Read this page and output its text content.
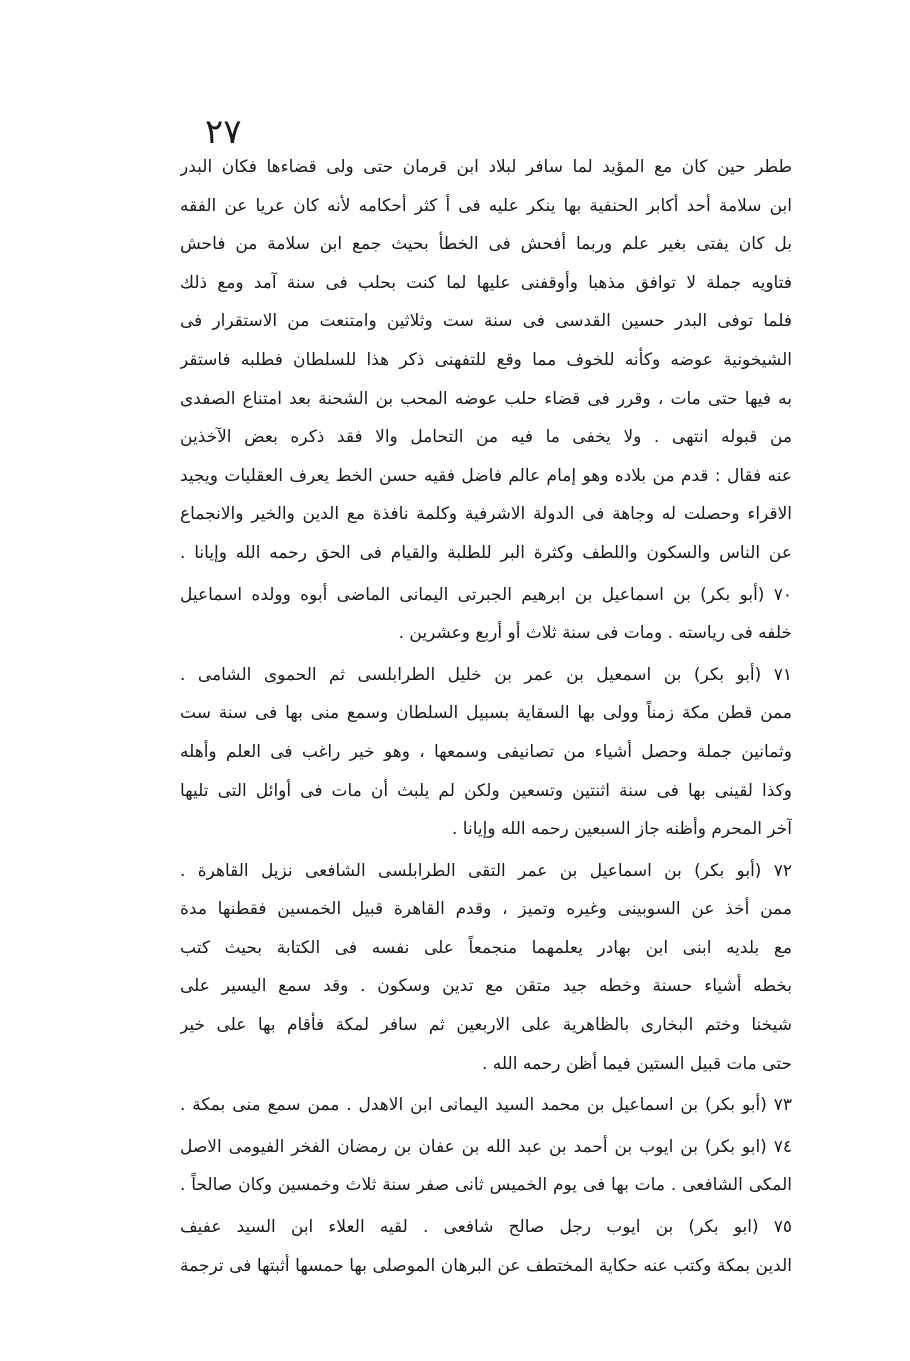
٢٧
ططر حين كان مع المؤيد لما سافر لبلاد ابن قرمان حتى ولى قضاءها فكان البدر
ابن سلامة أحد أكابر الحنفية بها ينكر عليه فى أ كثر أحكامه لأنه كان عريا عن الفقه
بل كان يفتى بغير علم وربما أفحش فى الخطأ بحيث جمع ابن سلامة من فاحش
فتاويه جملة لا توافق مذهبا وأوقفنى عليها لما كنت بحلب فى سنة آمد ومع ذلك
فلما توفى البدر حسين القدسى فى سنة ست وثلاثين وامتنعت من الاستقرار فى
الشيخونية عوضه وكأنه للخوف مما وقع للتفهنى ذكر هذا للسلطان فطلبه فاستقر
به فيها حتى مات ، وقرر فى قضاء حلب عوضه المحب بن الشحنة بعد امتناع الصفدى
من قبوله انتهى . ولا يخفى ما فيه من التحامل والا فقد ذكره بعض الآخذين
عنه فقال : قدم من بلاده وهو إمام عالم فاضل فقيه حسن الخط يعرف العقليات ويجيد
الاقراء وحصلت له وجاهة فى الدولة الاشرفية وكلمة نافذة مع الدين والخير والانجماع
عن الناس والسكون واللطف وكثرة البر للطلبة والقيام فى الحق رحمه الله وإيانا .
٧٠ (أبو بكر) بن اسماعيل بن ابرهيم الجبرتى اليمانى الماضى أبوه وولده اسماعيل
خلفه فى رياسته . ومات فى سنة ثلاث أو أربع وعشرين .
٧١ (أبو بكر) بن اسمعيل بن عمر بن خليل الطرابلسى ثم الحموى الشامى .
ممن قطن مكة زمناً وولى بها السقاية بسبيل السلطان وسمع منى بها فى سنة ست
وثمانين جملة وحصل أشياء من تصانيفى وسمعها ، وهو خير راغب فى العلم وأهله
وكذا لقينى بها فى سنة اثنتين وتسعين ولكن لم يلبث أن مات فى أوائل التى تليها
آخر المحرم وأظنه جاز السبعين رحمه الله وإيانا .
٧٢ (أبو بكر) بن اسماعيل بن عمر التقى الطرابلسى الشافعى نزيل القاهرة .
ممن أخذ عن السوبينى وغيره وتميز ، وقدم القاهرة قبيل الخمسين فقطنها مدة
مع بلديه ابنى ابن بهادر يعلمهما منجمعاً على نفسه فى الكتابة بحيث كتب
بخطه أشياء حسنة وخطه جيد متقن مع تدين وسكون . وقد سمع اليسير على
شيخنا وختم البخارى بالظاهرية على الاربعين ثم سافر لمكة فأقام بها على خير
حتى مات قبيل الستين فيما أظن رحمه الله .
٧٣ (أبو بكر) بن اسماعيل بن محمد السيد اليمانى ابن الاهدل . ممن سمع منى بمكة .
٧٤ (ابو بكر) بن ايوب بن أحمد بن عبد الله بن عفان بن رمضان الفخر الفيومى الاصل
المكى الشافعى . مات بها فى يوم الخميس ثانى صفر سنة ثلاث وخمسين وكان صالحاً .
٧٥ (ابو بكر) بن ايوب رجل صالح شافعى . لقيه العلاء ابن السيد عفيف
الدين بمكة وكتب عنه حكاية المختطف عن البرهان الموصلى بها حمسها أثبتها فى ترجمة
